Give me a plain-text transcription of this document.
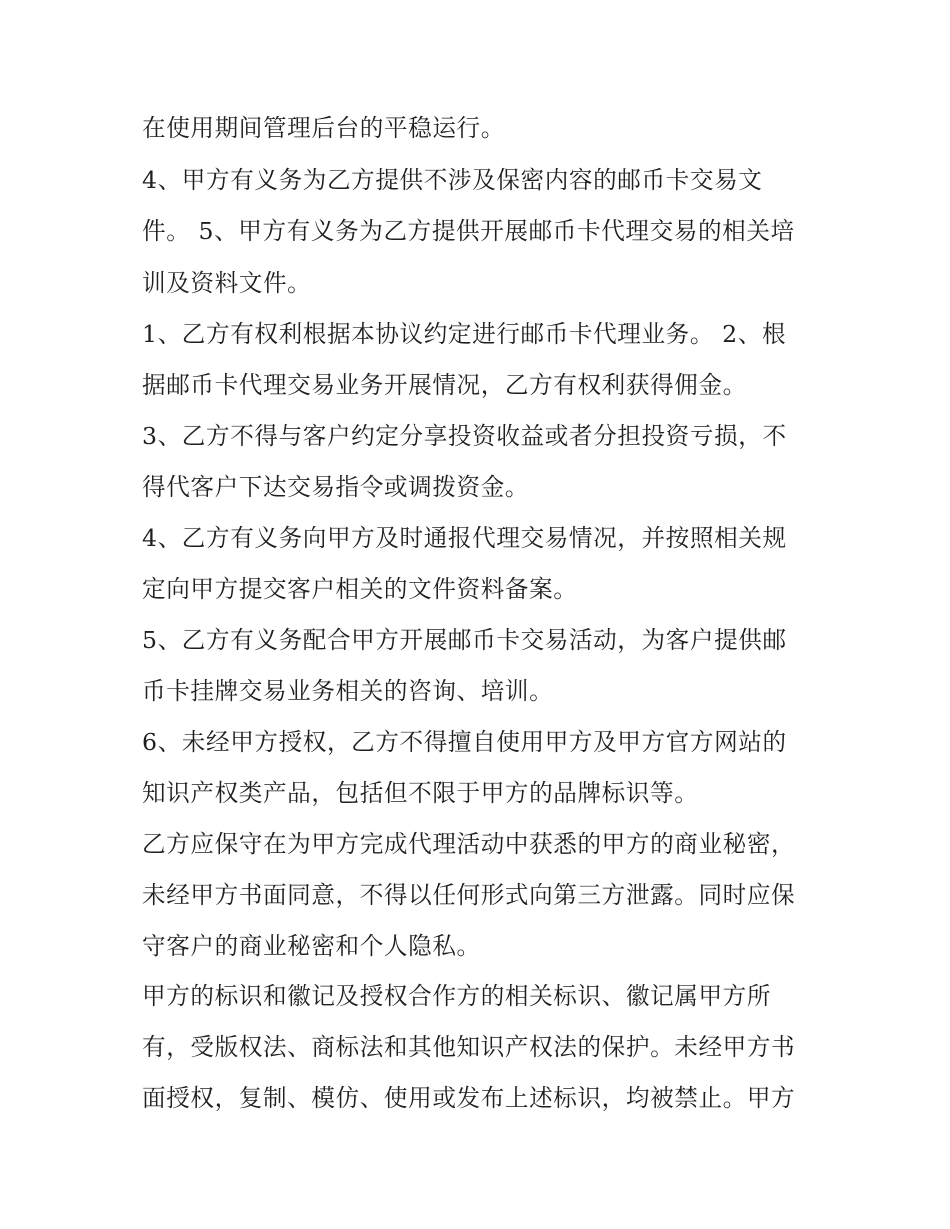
在使用期间管理后台的平稳运行。
4、甲方有义务为乙方提供不涉及保密内容的邮币卡交易文
件。 5、甲方有义务为乙方提供开展邮币卡代理交易的相关培
训及资料文件。
1、乙方有权利根据本协议约定进行邮币卡代理业务。 2、根
据邮币卡代理交易业务开展情况，乙方有权利获得佣金。
3、乙方不得与客户约定分享投资收益或者分担投资亏损，不
得代客户下达交易指令或调拨资金。
4、乙方有义务向甲方及时通报代理交易情况，并按照相关规
定向甲方提交客户相关的文件资料备案。
5、乙方有义务配合甲方开展邮币卡交易活动，为客户提供邮
币卡挂牌交易业务相关的咨询、培训。
6、未经甲方授权，乙方不得擅自使用甲方及甲方官方网站的
知识产权类产品，包括但不限于甲方的品牌标识等。
乙方应保守在为甲方完成代理活动中获悉的甲方的商业秘密，
未经甲方书面同意，不得以任何形式向第三方泄露。同时应保
守客户的商业秘密和个人隐私。
甲方的标识和徽记及授权合作方的相关标识、徽记属甲方所
有，受版权法、商标法和其他知识产权法的保护。未经甲方书
面授权，复制、模仿、使用或发布上述标识，均被禁止。甲方
